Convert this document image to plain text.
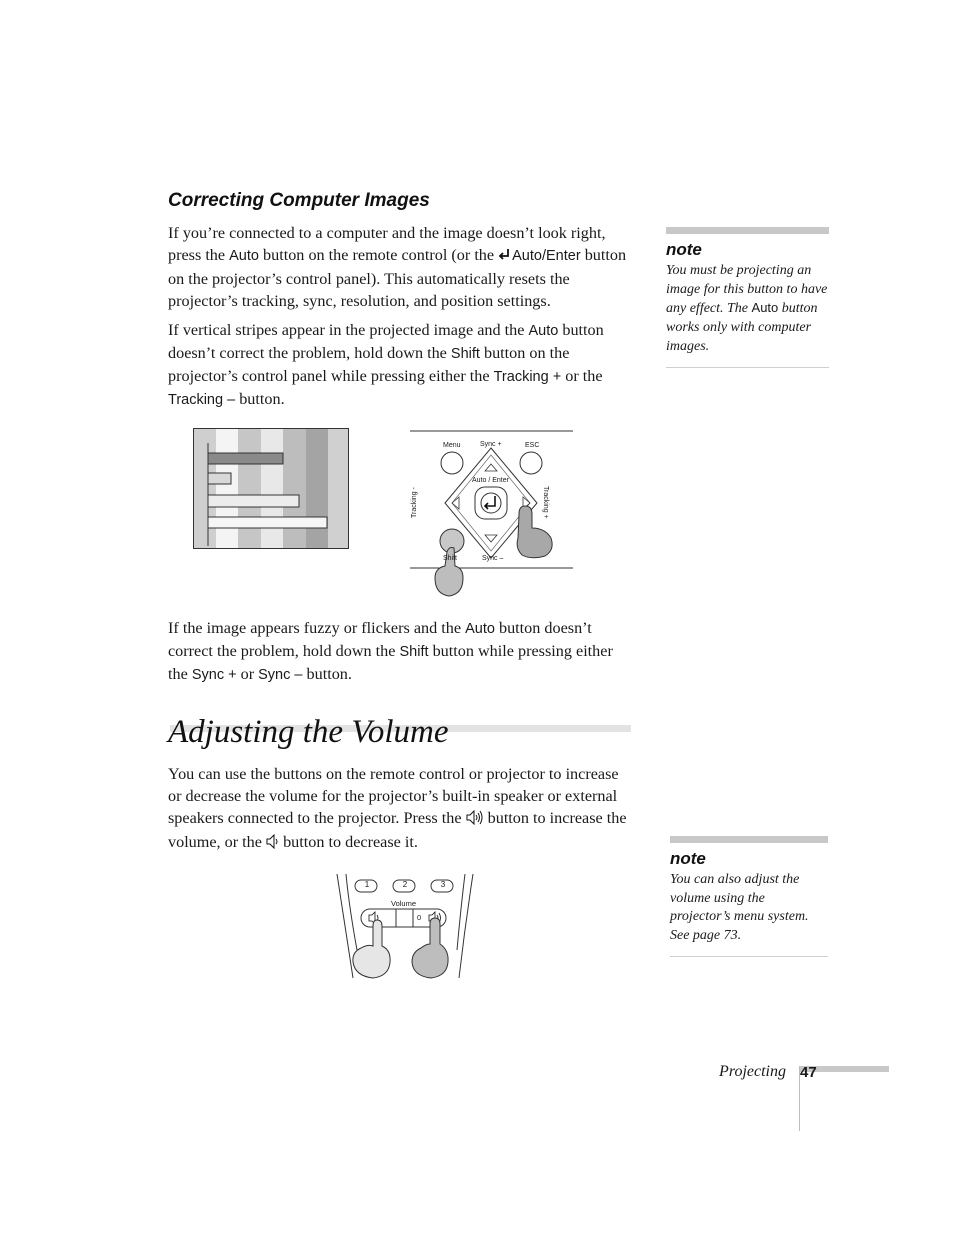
Correcting Computer Images

If you’re connected to a computer and the image doesn’t look right, press the Auto button on the remote control (or the Auto/Enter button on the projector’s control panel). This automatically resets the projector’s tracking, sync, resolution, and position settings.

If vertical stripes appear in the projected image and the Auto button doesn’t correct the problem, hold down the Shift button on the projector’s control panel while pressing either the Tracking + or the Tracking – button.

Menu	Sync +	ESC
Auto / Enter
Tracking -	Tracking +
Shift	Sync –

If the image appears fuzzy or flickers and the Auto button doesn’t correct the problem, hold down the Shift button while pressing either the Sync + or Sync – button.

Adjusting the Volume

You can use the buttons on the remote control or projector to increase or decrease the volume for the projector’s built-in speaker or external speakers connected to the projector. Press the  button to increase the volume, or the  button to decrease it.

1	2	3
Volume
0
note

You must be projecting an image for this button to have any effect. The Auto button works only with computer images.

note

You can also adjust the volume using the projector’s menu system. See page 73.

Projecting 47
